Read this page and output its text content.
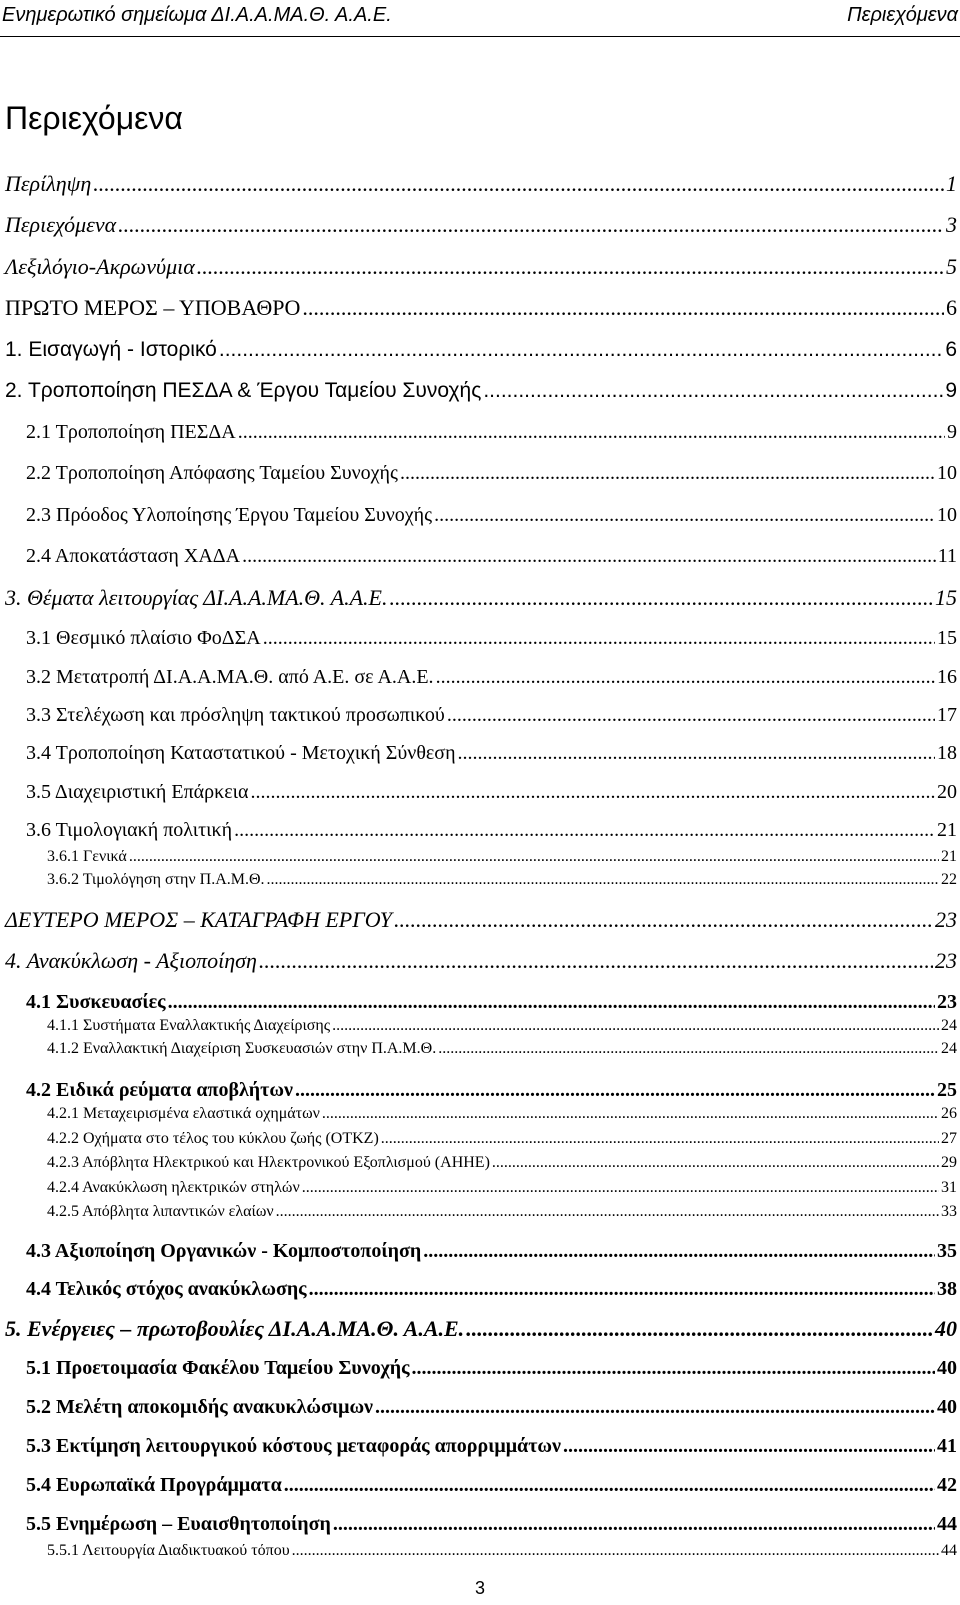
Ενημερωτικό σημείωμα ΔΙ.Α.Α.ΜΑ.Θ. Α.Α.Ε.	Περιεχόμενα
Περιεχόμενα
Περίληψη .....	1
Περιεχόμενα .....	3
Λεξιλόγιο-Ακρωνύμια .....	5
ΠΡΩΤΟ ΜΕΡΟΣ – ΥΠΟΒΑΘΡΟ .....	6
1. Εισαγωγή - Ιστορικό .....	6
2. Τροποποίηση ΠΕΣΔΑ & Έργου Ταμείου Συνοχής .....	9
2.1 Τροποποίηση ΠΕΣΔΑ .....	9
2.2 Τροποποίηση Απόφασης Ταμείου Συνοχής .....	10
2.3 Πρόοδος Υλοποίησης Έργου Ταμείου Συνοχής .....	10
2.4 Αποκατάσταση ΧΑΔΑ .....	11
3. Θέματα λειτουργίας ΔΙ.Α.Α.ΜΑ.Θ. Α.Α.Ε. .....	15
3.1 Θεσμικό πλαίσιο ΦοΔΣΑ .....	15
3.2 Μετατροπή ΔΙ.Α.Α.ΜΑ.Θ. από Α.Ε. σε Α.Α.Ε. .....	16
3.3 Στελέχωση και πρόσληψη τακτικού προσωπικού .....	17
3.4 Τροποποίηση Καταστατικού - Μετοχική Σύνθεση .....	18
3.5 Διαχειριστική Επάρκεια .....	20
3.6 Τιμολογιακή πολιτική .....	21
3.6.1 Γενικά .....	21
3.6.2 Τιμολόγηση στην Π.Α.Μ.Θ. .....	22
ΔΕΥΤΕΡΟ ΜΕΡΟΣ – ΚΑΤΑΓΡΑΦΗ ΕΡΓΟΥ .....	23
4. Ανακύκλωση - Αξιοποίηση .....	23
4.1 Συσκευασίες .....	23
4.1.1 Συστήματα Εναλλακτικής Διαχείρισης .....	24
4.1.2 Εναλλακτική Διαχείριση Συσκευασιών στην Π.Α.Μ.Θ. .....	24
4.2 Ειδικά ρεύματα αποβλήτων .....	25
4.2.1 Μεταχειρισμένα ελαστικά οχημάτων .....	26
4.2.2 Οχήματα στο τέλος του κύκλου ζωής (ΟΤΚΖ) .....	27
4.2.3 Απόβλητα Ηλεκτρικού και Ηλεκτρονικού Εξοπλισμού (ΑΗΗΕ) .....	29
4.2.4 Ανακύκλωση ηλεκτρικών στηλών .....	31
4.2.5 Απόβλητα λιπαντικών ελαίων .....	33
4.3 Αξιοποίηση Οργανικών - Κομποστοποίηση .....	35
4.4 Τελικός στόχος ανακύκλωσης .....	38
5. Ενέργειες – πρωτοβουλίες ΔΙ.Α.Α.ΜΑ.Θ. Α.Α.Ε. .....	40
5.1 Προετοιμασία Φακέλου Ταμείου Συνοχής .....	40
5.2 Μελέτη αποκομιδής ανακυκλώσιμων .....	40
5.3 Εκτίμηση λειτουργικού κόστους μεταφοράς απορριμμάτων .....	41
5.4 Ευρωπαϊκά Προγράμματα .....	42
5.5 Ενημέρωση – Ευαισθητοποίηση .....	44
5.5.1 Λειτουργία Διαδικτυακού τόπου .....	44
3
